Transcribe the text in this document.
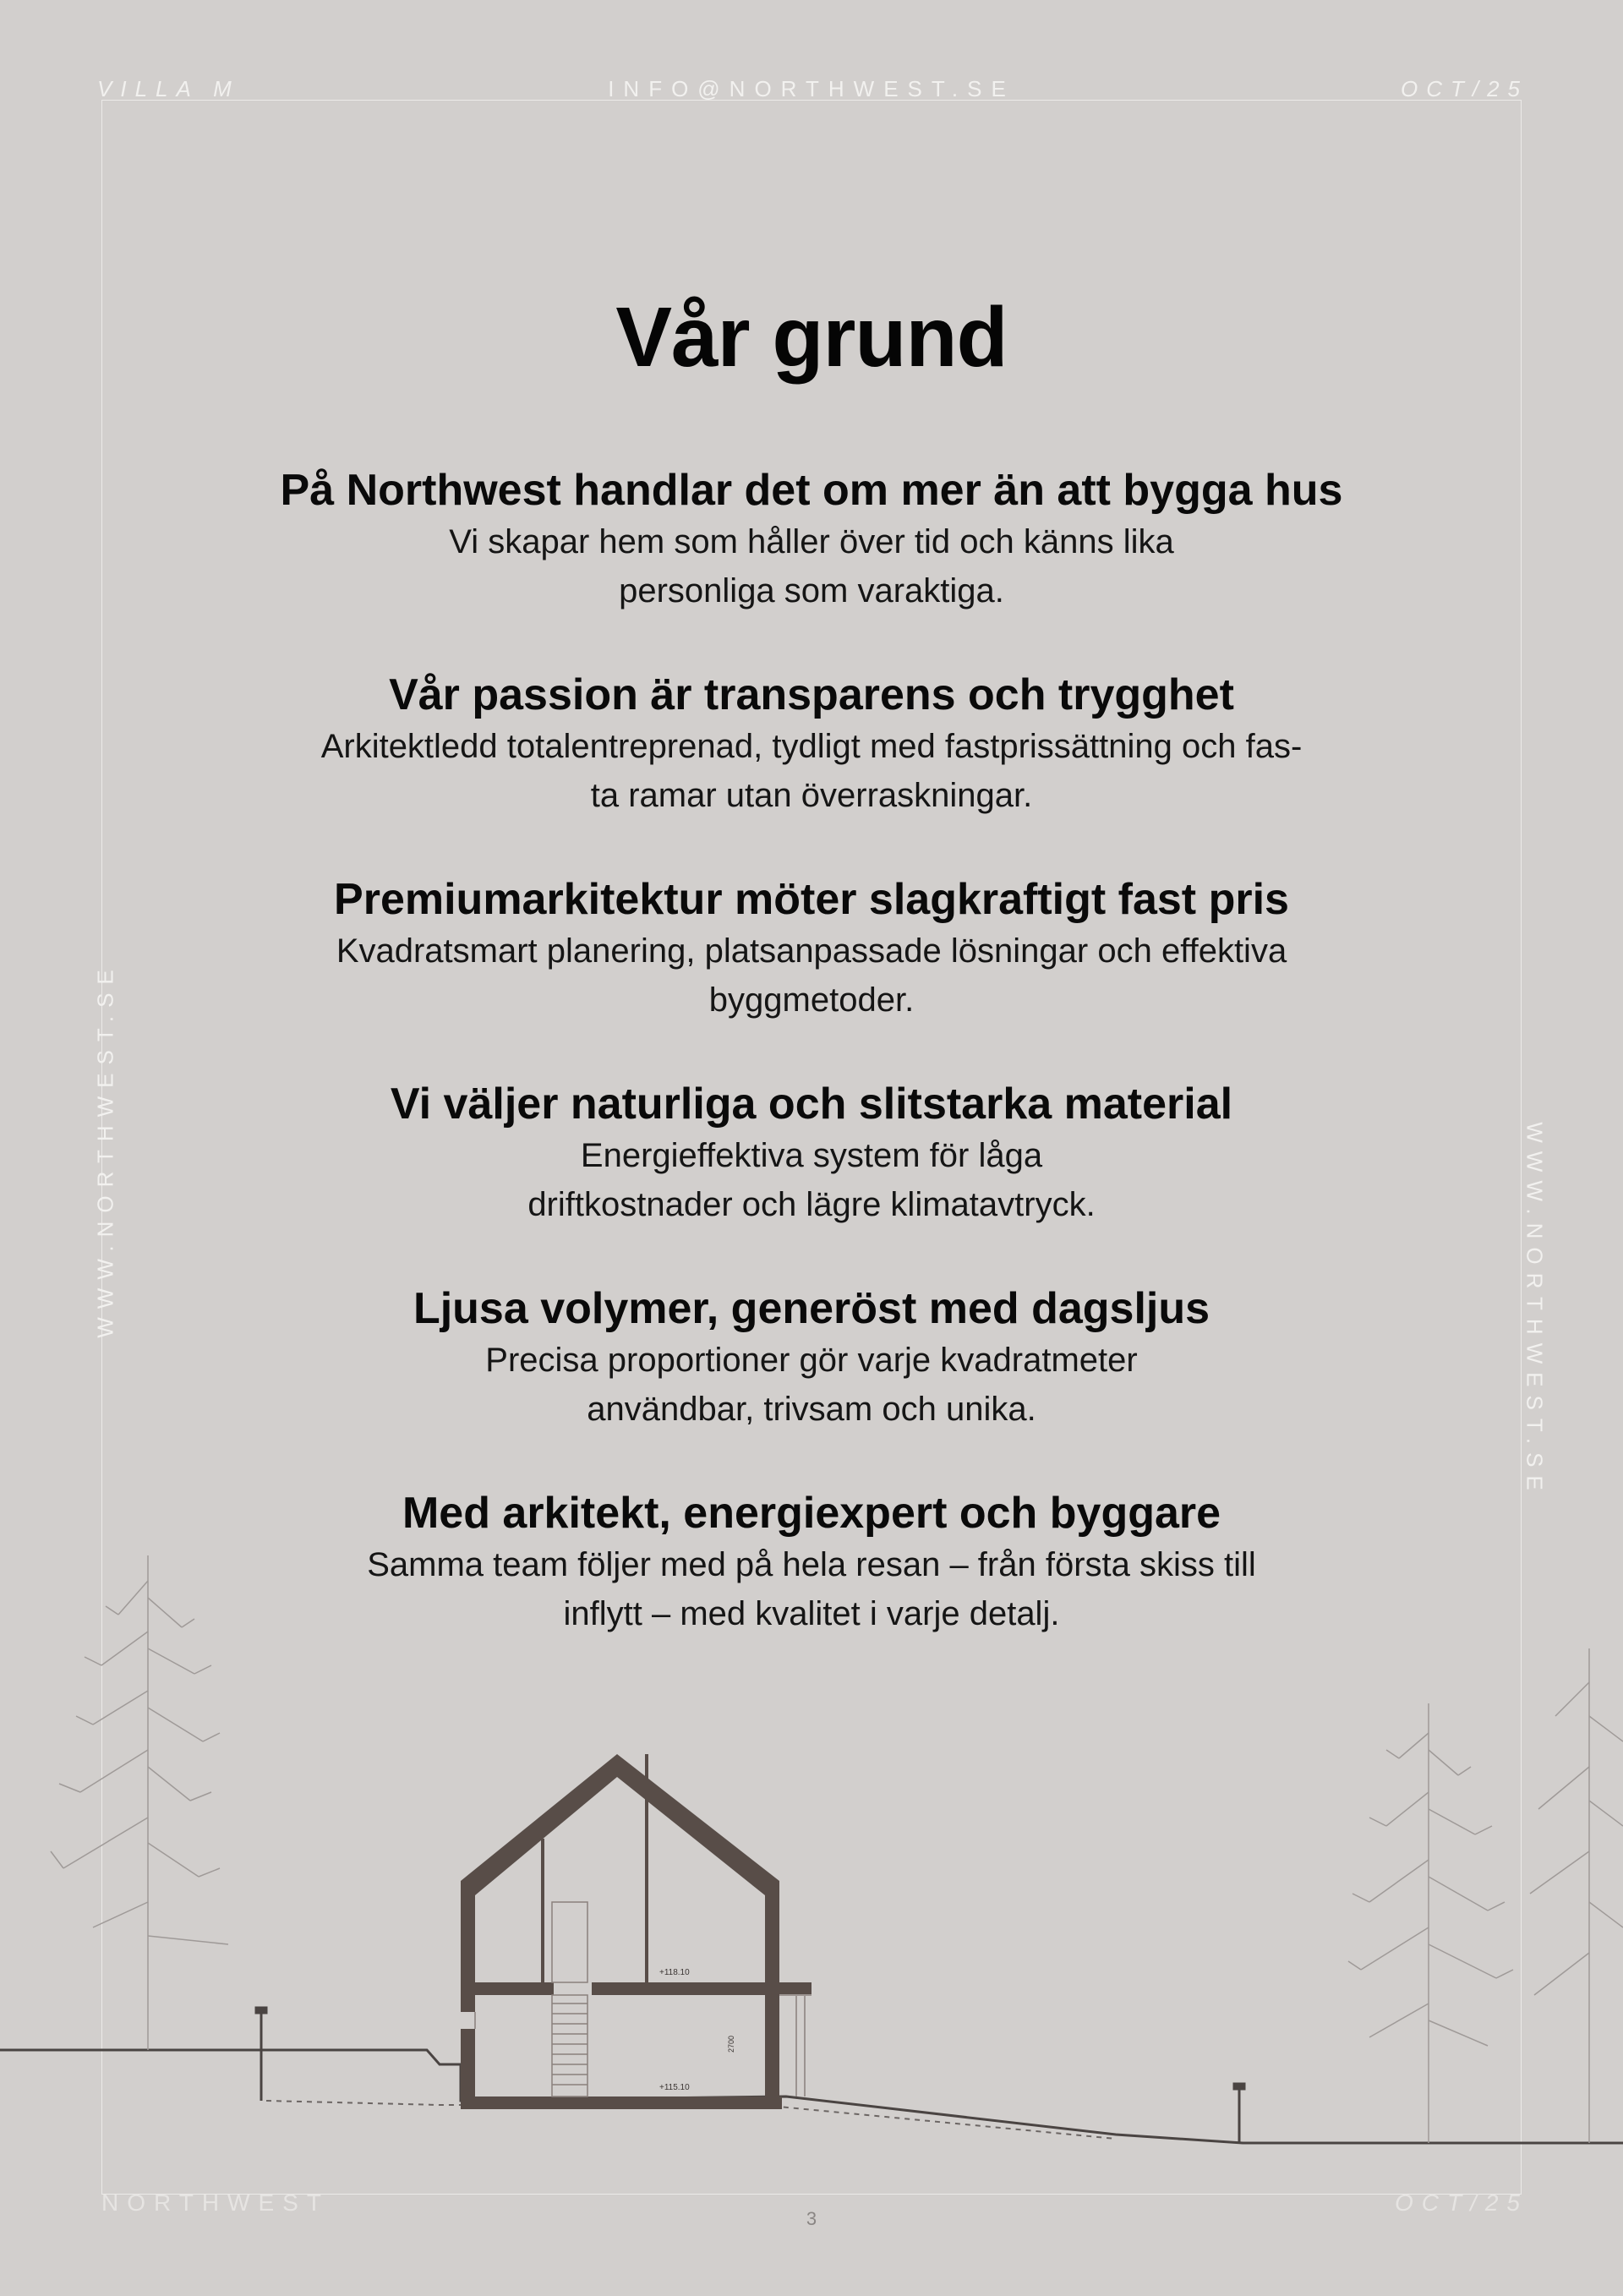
VILLA M	INFO@NORTHWEST.SE	OCT/25
WWW.NORTHWEST.SE	WWW.NORTHWEST.SE
Vår grund
På Northwest handlar det om mer än att bygga hus

Vi skapar hem som håller över tid och känns lika

personliga som varaktiga.

Vår passion är transparens och trygghet

Arkitektledd totalentreprenad, tydligt med fastprissättning och fas-

ta ramar utan överraskningar.

Premiumarkitektur möter slagkraftigt fast pris

Kvadratsmart planering, platsanpassade lösningar och effektiva

byggmetoder.

Vi väljer naturliga och slitstarka material

Energieffektiva system för låga

driftkostnader och lägre klimatavtryck.

Ljusa volymer, generöst med dagsljus

Precisa proportioner gör varje kvadratmeter

användbar, trivsam och unika.

Med arkitekt, energiexpert och byggare

Samma team följer med på hela resan – från första skiss till

inflytt – med kvalitet i varje detalj.

+118.10
+115.10
2700
NORTHWEST	OCT/25
3
